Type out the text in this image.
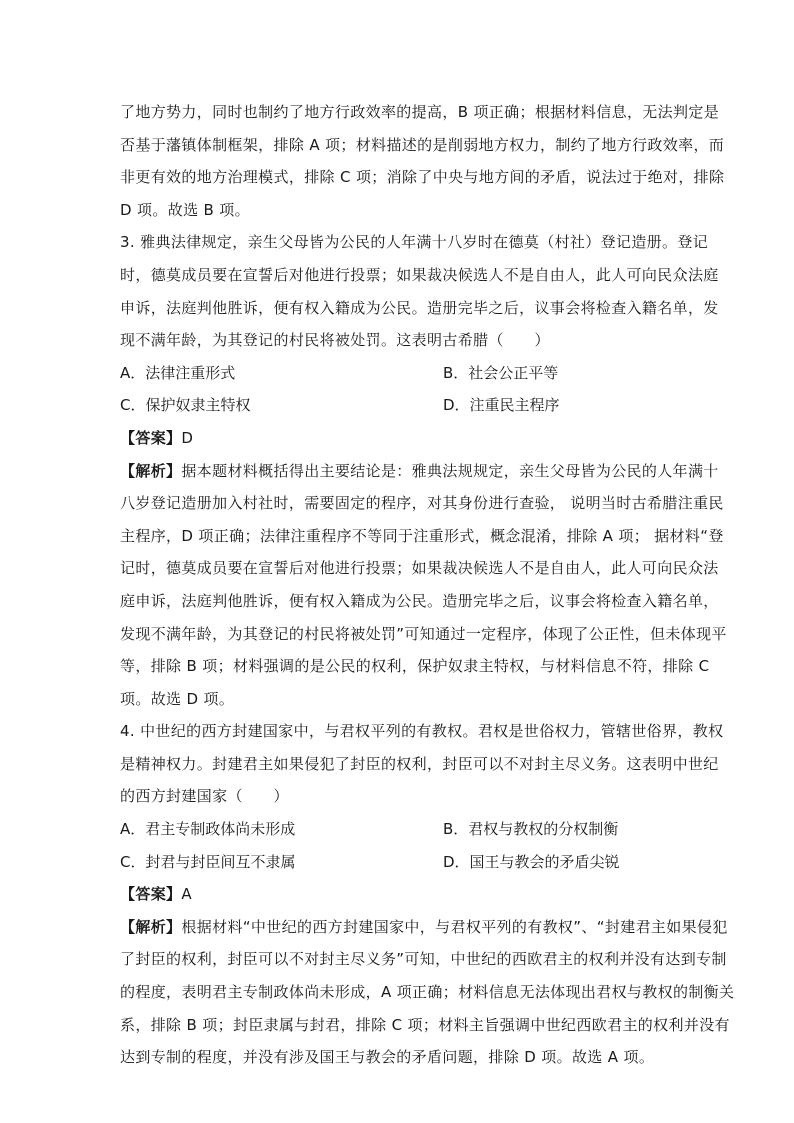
了地方势力，同时也制约了地方行政效率的提高，B 项正确；根据材料信息，无法判定是
否基于藩镇体制框架，排除 A 项；材料描述的是削弱地方权力，制约了地方行政效率，而
非更有效的地方治理模式，排除 C 项；消除了中央与地方间的矛盾，说法过于绝对，排除
D 项。故选 B 项。
3. 雅典法律规定，亲生父母皆为公民的人年满十八岁时在德莫（村社）登记造册。登记
时，德莫成员要在宣誓后对他进行投票；如果裁决候选人不是自由人，此人可向民众法庭
申诉，法庭判他胜诉，便有权入籍成为公民。造册完毕之后，议事会将检查入籍名单，发
现不满年龄，为其登记的村民将被处罚。这表明古希腊（　　）
A．法律注重形式	B．社会公正平等
C．保护奴隶主特权	D．注重民主程序
【答案】D
【解析】据本题材料概括得出主要结论是：雅典法规规定，亲生父母皆为公民的人年满十
八岁登记造册加入村社时，需要固定的程序，对其身份进行查验， 说明当时古希腊注重民
主程序，D 项正确；法律注重程序不等同于注重形式，概念混淆，排除 A 项； 据材料“登
记时，德莫成员要在宣誓后对他进行投票；如果裁决候选人不是自由人，此人可向民众法
庭申诉，法庭判他胜诉，便有权入籍成为公民。造册完毕之后，议事会将检查入籍名单，
发现不满年龄，为其登记的村民将被处罚”可知通过一定程序，体现了公正性，但未体现平
等，排除 B 项；材料强调的是公民的权利，保护奴隶主特权，与材料信息不符，排除 C
项。故选 D 项。
4. 中世纪的西方封建国家中，与君权平列的有教权。君权是世俗权力，管辖世俗界，教权
是精神权力。封建君主如果侵犯了封臣的权利，封臣可以不对封主尽义务。这表明中世纪
的西方封建国家（　　）
A．君主专制政体尚未形成	B．君权与教权的分权制衡
C．封君与封臣间互不隶属	D．国王与教会的矛盾尖锐
【答案】A
【解析】根据材料“中世纪的西方封建国家中，与君权平列的有教权”、“封建君主如果侵犯
了封臣的权利，封臣可以不对封主尽义务”可知，中世纪的西欧君主的权利并没有达到专制
的程度，表明君主专制政体尚未形成，A 项正确；材料信息无法体现出君权与教权的制衡关
系，排除 B 项；封臣隶属与封君，排除 C 项；材料主旨强调中世纪西欧君主的权利并没有
达到专制的程度，并没有涉及国王与教会的矛盾问题，排除 D 项。故选 A 项。
